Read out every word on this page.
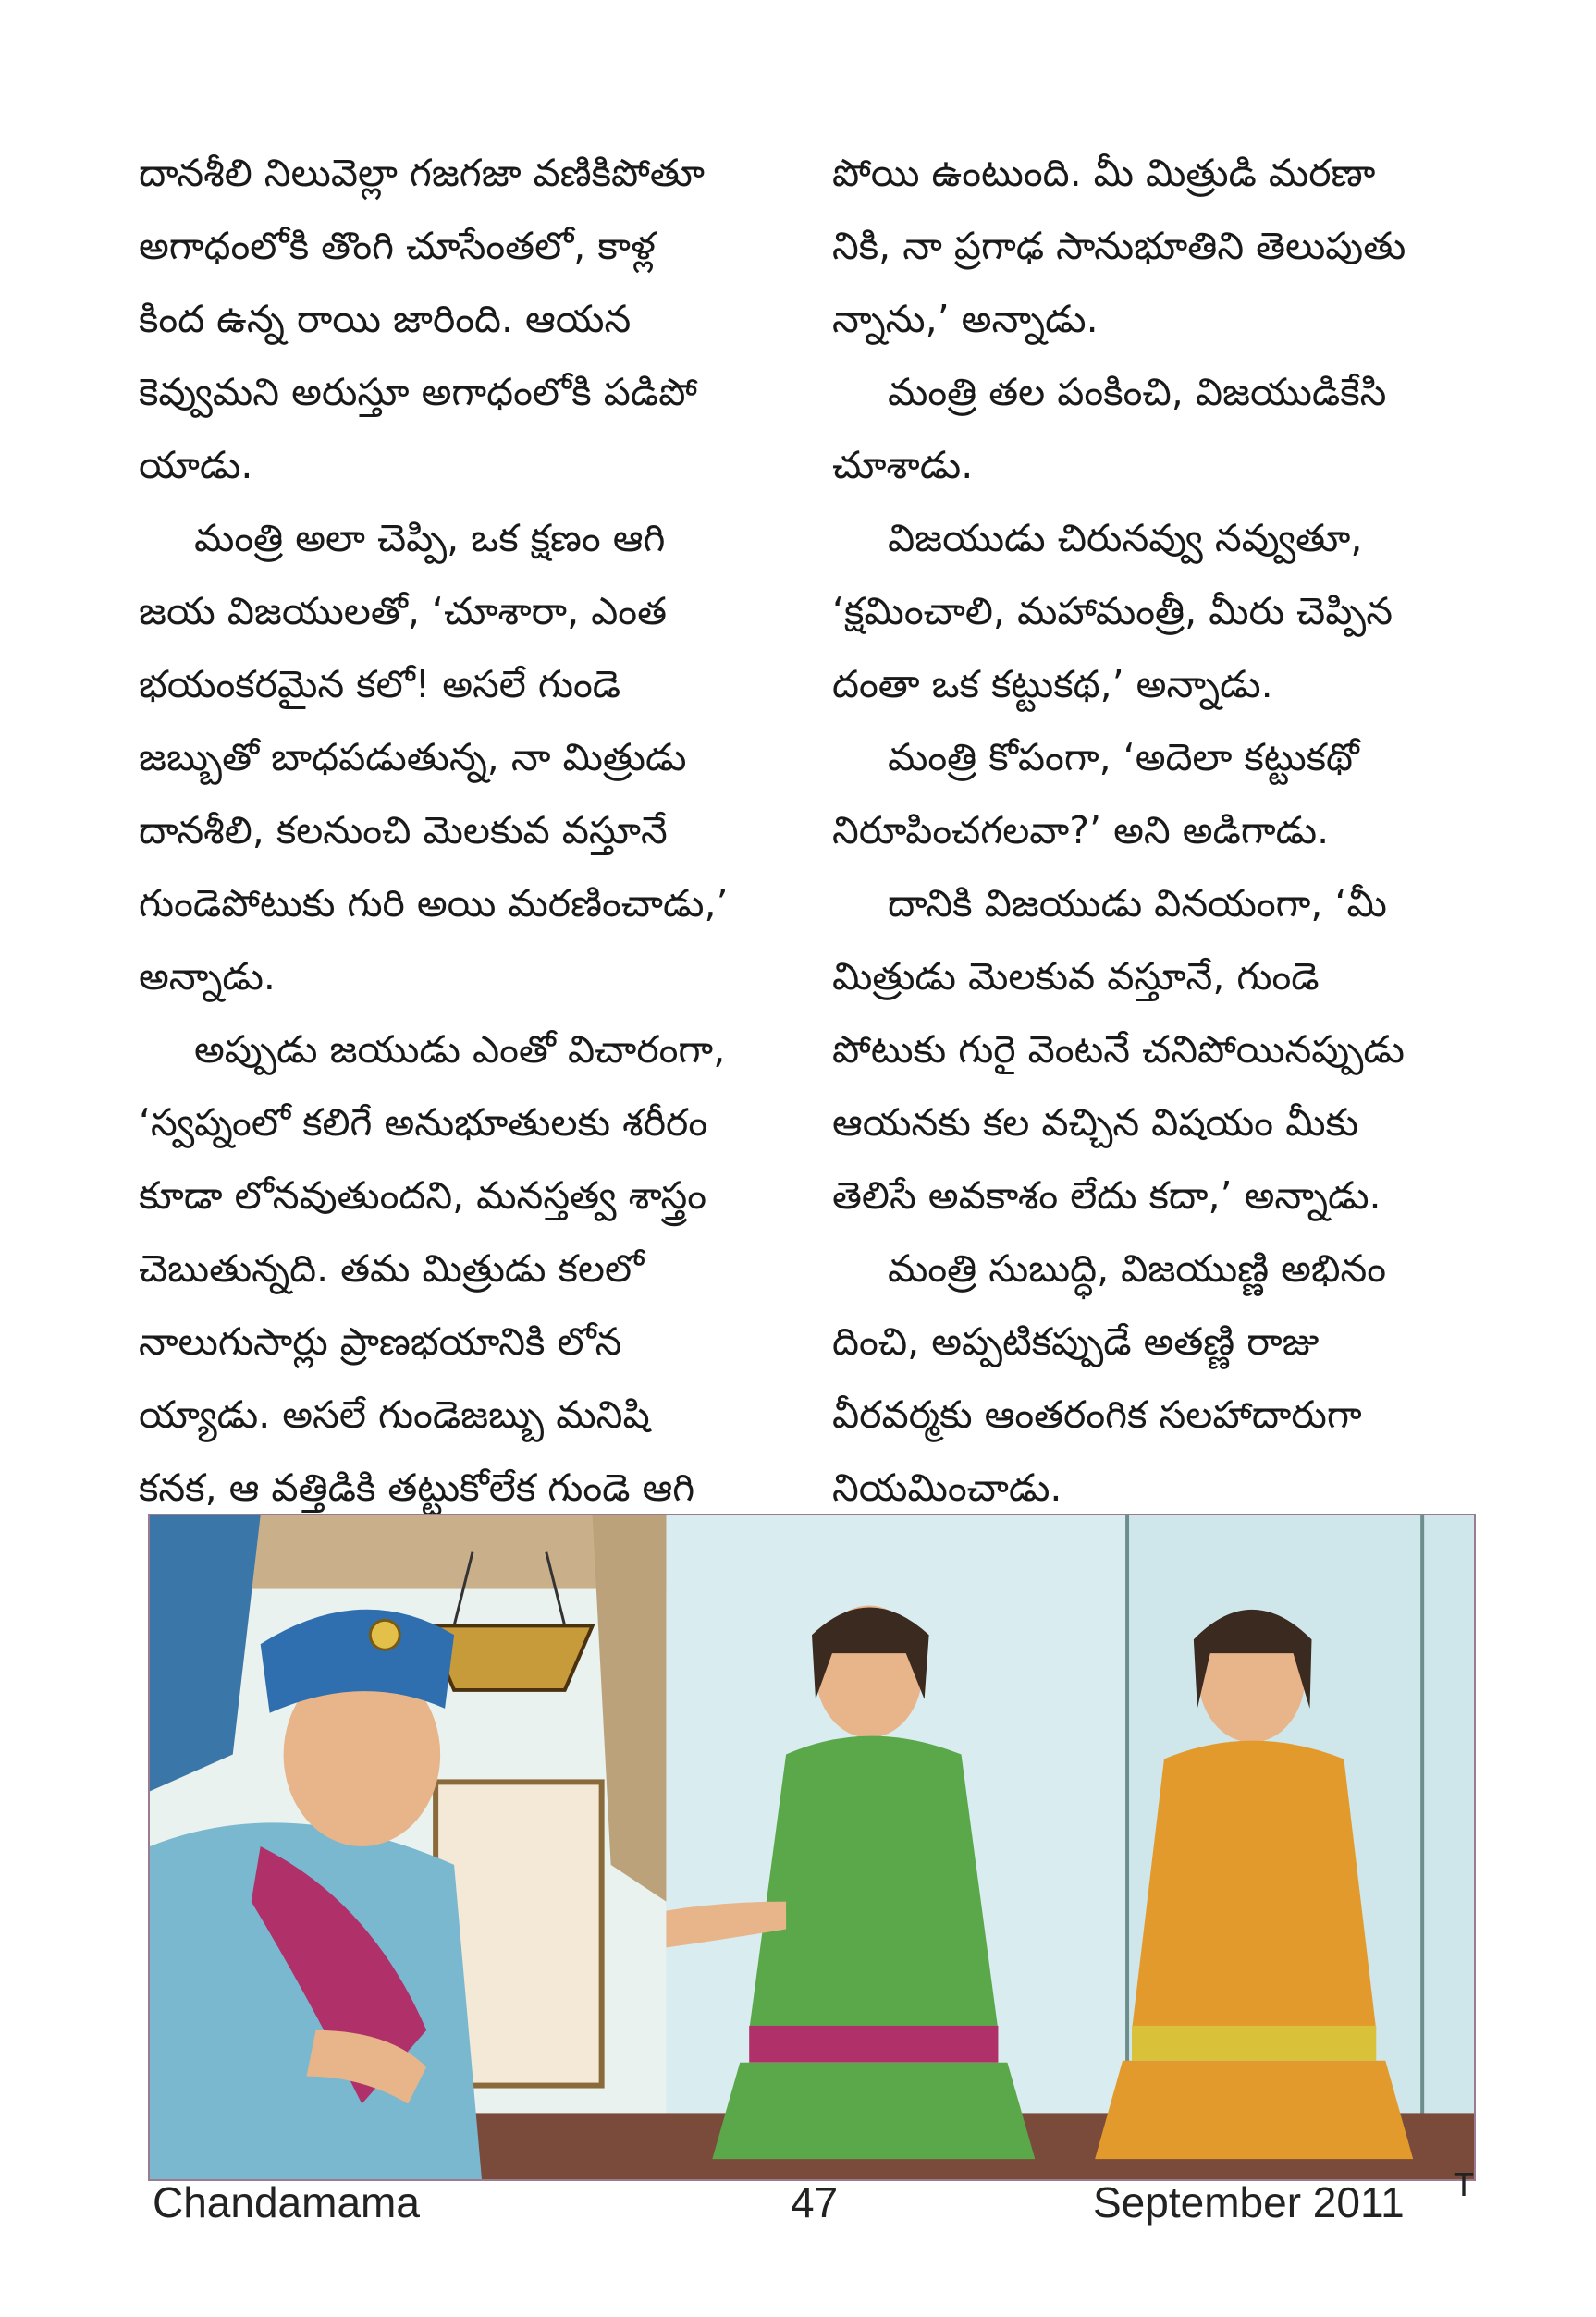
దానశీలి నిలువెల్లా గజగజా వణికిపోతూ
అగాధంలోకి తొంగి చూసేంతలో, కాళ్ల
కింద ఉన్న రాయి జారింది. ఆయన
కెవ్వుమని అరుస్తూ అగాధంలోకి పడిపో
యాడు.
మంత్రి అలా చెప్పి, ఒక క్షణం ఆగి
జయ విజయులతో, ‘చూశారా, ఎంత
భయంకరమైన కలో! అసలే గుండె
జబ్బుతో బాధపడుతున్న, నా మిత్రుడు
దానశీలి, కలనుంచి మెలకువ వస్తూనే
గుండెపోటుకు గురి అయి మరణించాడు,’
అన్నాడు.
అప్పుడు జయుడు ఎంతో విచారంగా,
‘స్వప్నంలో కలిగే అనుభూతులకు శరీరం
కూడా లోనవుతుందని, మనస్తత్వ శాస్త్రం
చెబుతున్నది. తమ మిత్రుడు కలలో
నాలుగుసార్లు ప్రాణభయానికి లోన
య్యాడు. అసలే గుండెజబ్బు మనిషి
కనక, ఆ వత్తిడికి తట్టుకోలేక గుండె ఆగి
పోయి ఉంటుంది. మీ మిత్రుడి మరణా
నికి, నా ప్రగాఢ సానుభూతిని తెలుపుతు
న్నాను,’ అన్నాడు.
మంత్రి తల పంకించి, విజయుడికేసి
చూశాడు.
విజయుడు చిరునవ్వు నవ్వుతూ,
‘క్షమించాలి, మహామంత్రీ, మీరు చెప్పిన
దంతా ఒక కట్టుకథ,’ అన్నాడు.
మంత్రి కోపంగా, ‘అదెలా కట్టుకథో
నిరూపించగలవా?’ అని అడిగాడు.
దానికి విజయుడు వినయంగా, ‘మీ
మిత్రుడు మెలకువ వస్తూనే, గుండె
పోటుకు గురై వెంటనే చనిపోయినప్పుడు
ఆయనకు కల వచ్చిన విషయం మీకు
తెలిసే అవకాశం లేదు కదా,’ అన్నాడు.
మంత్రి సుబుద్ధి, విజయుణ్ణి అభినం
దించి, అప్పటికప్పుడే అతణ్ణి రాజు
వీరవర్మకు ఆంతరంగిక సలహాదారుగా
నియమించాడు.
Chandamama	47	September 2011 T
